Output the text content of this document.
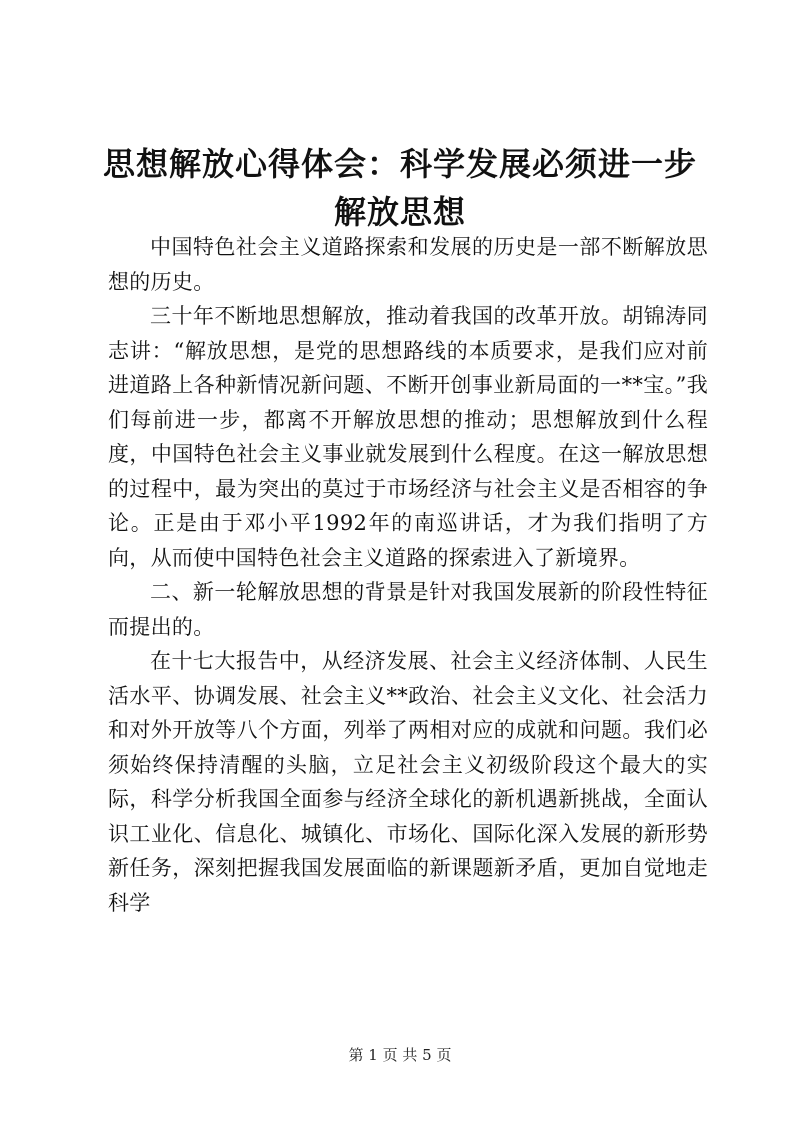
思想解放心得体会：科学发展必须进一步解放思想

中国特色社会主义道路探索和发展的历史是一部不断解放思想的历史。

三十年不断地思想解放，推动着我国的改革开放。胡锦涛同志讲：“解放思想，是党的思想路线的本质要求，是我们应对前进道路上各种新情况新问题、不断开创事业新局面的一**宝。”我们每前进一步，都离不开解放思想的推动；思想解放到什么程度，中国特色社会主义事业就发展到什么程度。在这一解放思想的过程中，最为突出的莫过于市场经济与社会主义是否相容的争论。正是由于邓小平1992年的南巡讲话，才为我们指明了方向，从而使中国特色社会主义道路的探索进入了新境界。

二、新一轮解放思想的背景是针对我国发展新的阶段性特征而提出的。

在十七大报告中，从经济发展、社会主义经济体制、人民生活水平、协调发展、社会主义**政治、社会主义文化、社会活力和对外开放等八个方面，列举了两相对应的成就和问题。我们必须始终保持清醒的头脑，立足社会主义初级阶段这个最大的实际，科学分析我国全面参与经济全球化的新机遇新挑战，全面认识工业化、信息化、城镇化、市场化、国际化深入发展的新形势新任务，深刻把握我国发展面临的新课题新矛盾，更加自觉地走科学

第 1 页 共 5 页
